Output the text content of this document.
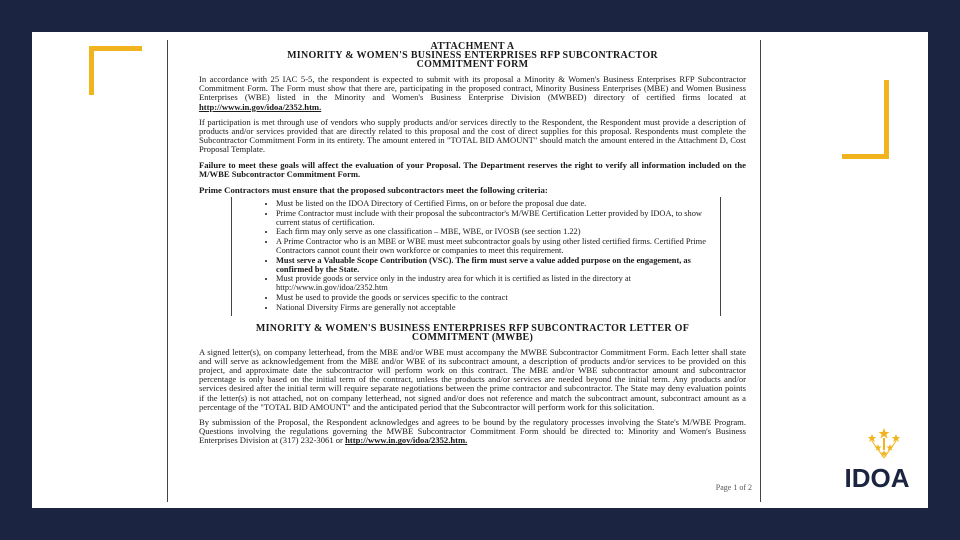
ATTACHMENT A
MINORITY & WOMEN'S BUSINESS ENTERPRISES RFP SUBCONTRACTOR
COMMITMENT FORM

In accordance with 25 IAC 5-5, the respondent is expected to submit with its proposal a Minority & Women's Business Enterprises RFP Subcontractor Commitment Form. The Form must show that there are, participating in the proposed contract, Minority Business Enterprises (MBE) and Women Business Enterprises (WBE) listed in the Minority and Women's Business Enterprise Division (MWBED) directory of certified firms located at http://www.in.gov/idoa/2352.htm.

If participation is met through use of vendors who supply products and/or services directly to the Respondent, the Respondent must provide a description of products and/or services provided that are directly related to this proposal and the cost of direct supplies for this proposal. Respondents must complete the Subcontractor Commitment Form in its entirety. The amount entered in "TOTAL BID AMOUNT" should match the amount entered in the Attachment D, Cost Proposal Template.

Failure to meet these goals will affect the evaluation of your Proposal. The Department reserves the right to verify all information included on the M/WBE Subcontractor Commitment Form.

Prime Contractors must ensure that the proposed subcontractors meet the following criteria:

• Must be listed on the IDOA Directory of Certified Firms, on or before the proposal due date.
• Prime Contractor must include with their proposal the subcontractor's M/WBE Certification Letter provided by IDOA, to show current status of certification.
• Each firm may only serve as one classification – MBE, WBE, or IVOSB (see section 1.22)
• A Prime Contractor who is an MBE or WBE must meet subcontractor goals by using other listed certified firms. Certified Prime Contractors cannot count their own workforce or companies to meet this requirement.
• Must serve a Valuable Scope Contribution (VSC). The firm must serve a value added purpose on the engagement, as confirmed by the State.
• Must provide goods or service only in the industry area for which it is certified as listed in the directory at http://www.in.gov/idoa/2352.htm
• Must be used to provide the goods or services specific to the contract
• National Diversity Firms are generally not acceptable
MINORITY & WOMEN'S BUSINESS ENTERPRISES RFP SUBCONTRACTOR LETTER OF
COMMITMENT (MWBE)

A signed letter(s), on company letterhead, from the MBE and/or WBE must accompany the MWBE Subcontractor Commitment Form. Each letter shall state and will serve as acknowledgement from the MBE and/or WBE of its subcontract amount, a description of products and/or services to be provided on this project, and approximate date the subcontractor will perform work on this contract. The MBE and/or WBE subcontractor amount and subcontractor percentage is only based on the initial term of the contract, unless the products and/or services are needed beyond the initial term. Any products and/or services desired after the initial term will require separate negotiations between the prime contractor and subcontractor. The State may deny evaluation points if the letter(s) is not attached, not on company letterhead, not signed and/or does not reference and match the subcontract amount, subcontract amount as a percentage of the "TOTAL BID AMOUNT" and the anticipated period that the Subcontractor will perform work for this solicitation.

By submission of the Proposal, the Respondent acknowledges and agrees to be bound by the regulatory processes involving the State's M/WBE Program. Questions involving the regulations governing the MWBE Subcontractor Commitment Form should be directed to: Minority and Women's Business Enterprises Division at (317) 232-3061 or http://www.in.gov/idoa/2352.htm.

Page 1 of 2	IDOA
